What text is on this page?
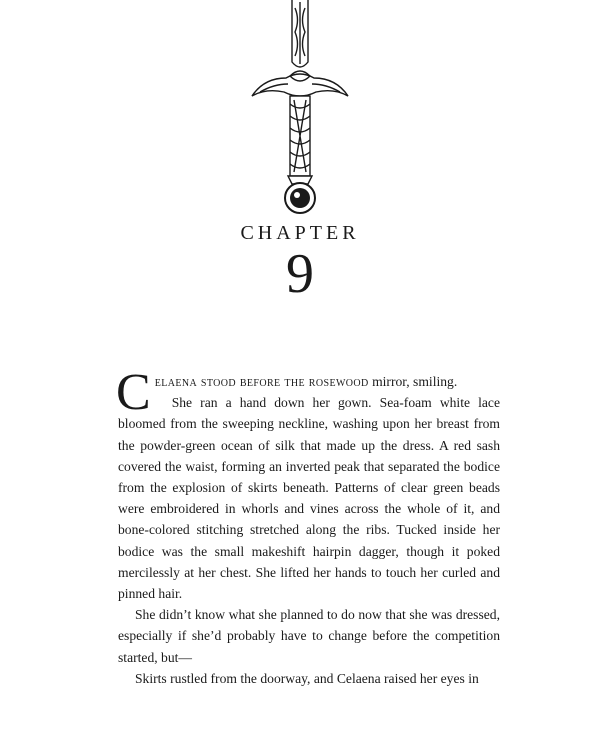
CHAPTER
9

Celaena stood before the rosewood mirror, smiling.

She ran a hand down her gown. Sea-foam white lace bloomed from the sweeping neckline, washing upon her breast from the powder-green ocean of silk that made up the dress. A red sash covered the waist, forming an inverted peak that separated the bodice from the explosion of skirts beneath. Patterns of clear green beads were embroidered in whorls and vines across the whole of it, and bone-colored stitching stretched along the ribs. Tucked inside her bodice was the small makeshift hairpin dagger, though it poked mercilessly at her chest. She lifted her hands to touch her curled and pinned hair.

She didn’t know what she planned to do now that she was dressed, especially if she’d probably have to change before the competition started, but—

Skirts rustled from the doorway, and Celaena raised her eyes in
